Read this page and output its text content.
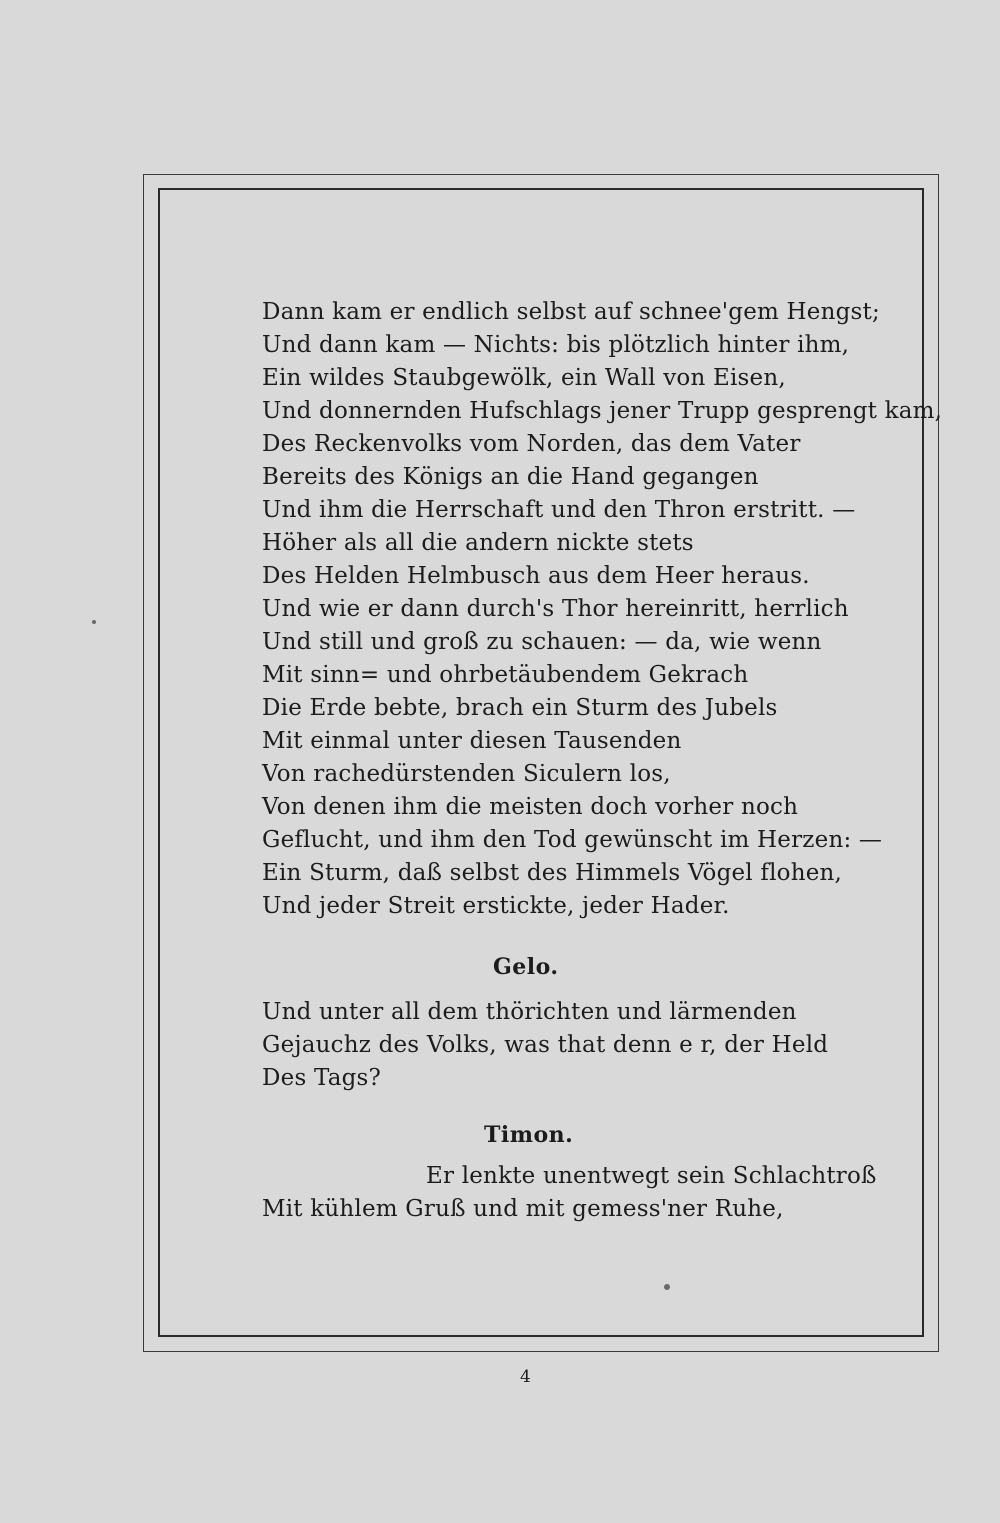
Dann kam er endlich selbst auf schnee'gem Hengst;
Und dann kam — Nichts: bis plötzlich hinter ihm,
Ein wildes Staubgewölk, ein Wall von Eisen,
Und donnernden Hufschlags jener Trupp gesprengt kam,
Des Reckenvolks vom Norden, das dem Vater
Bereits des Königs an die Hand gegangen
Und ihm die Herrschaft und den Thron erstritt. —
Höher als all die andern nickte stets
Des Helden Helmbusch aus dem Heer heraus.
Und wie er dann durch's Thor hereinritt, herrlich
Und still und groß zu schauen: — da, wie wenn
Mit sinn= und ohrbetäubendem Gekrach
Die Erde bebte, brach ein Sturm des Jubels
Mit einmal unter diesen Tausenden
Von rachedürstenden Siculern los,
Von denen ihm die meisten doch vorher noch
Geflucht, und ihm den Tod gewünscht im Herzen: —
Ein Sturm, daß selbst des Himmels Vögel flohen,
Und jeder Streit erstickte, jeder Hader.
Gelo.
Und unter all dem thörichten und lärmenden
Gejauchz des Volks, was that denn e r, der Held
Des Tags?
Timon.
Er lenkte unentwegt sein Schlachtroß
Mit kühlem Gruß und mit gemess'ner Ruhe,
4
